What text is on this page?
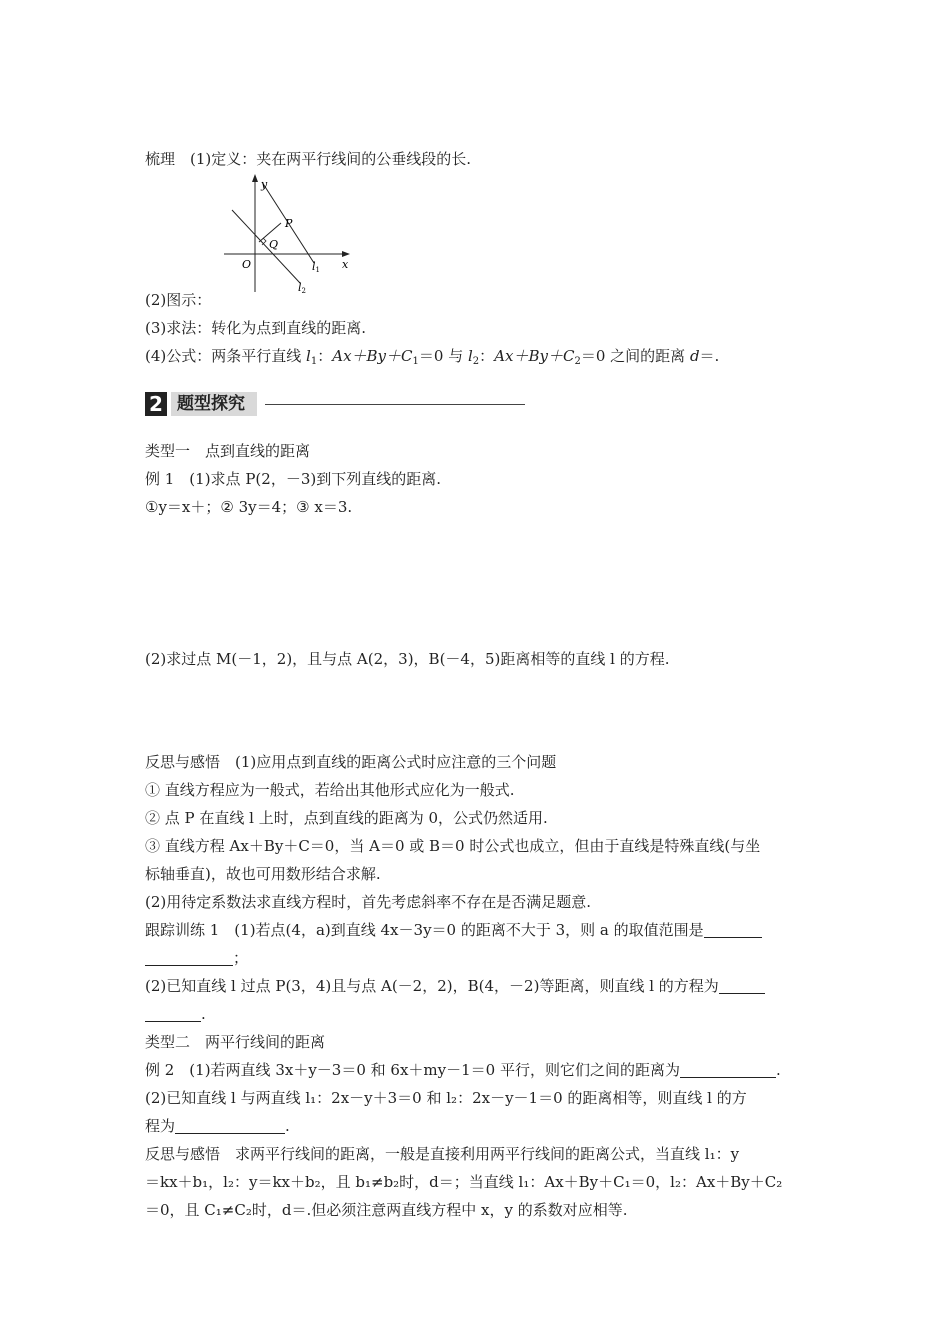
梳理　(1)定义：夹在两平行线间的公垂线段的长.
y
x
O
P
Q
l1
l2
(2)图示：
(3)求法：转化为点到直线的距离.
(4)公式：两条平行直线 $l_1$：$Ax+By+C_1=0$ 与 $l_2$：$Ax+By+C_2=0$ 之间的距离 d＝.
2 题型探究
类型一　点到直线的距离
例 1　(1)求点 P(2，－3)到下列直线的距离.
①y＝x＋；② 3y＝4；③ x＝3.
(2)求过点 M(－1，2)，且与点 A(2，3)，B(－4，5)距离相等的直线 l 的方程.
反思与感悟　(1)应用点到直线的距离公式时应注意的三个问题
① 直线方程应为一般式，若给出其他形式应化为一般式.
② 点 P 在直线 l 上时，点到直线的距离为 0，公式仍然适用.
③ 直线方程 Ax＋By＋C＝0，当 A＝0 或 B＝0 时公式也成立，但由于直线是特殊直线(与坐
标轴垂直)，故也可用数形结合求解.
(2)用待定系数法求直线方程时，首先考虑斜率不存在是否满足题意.
跟踪训练 1　(1)若点(4，a)到直线 4x－3y＝0 的距离不大于 3，则 a 的取值范围是
；
(2)已知直线 l 过点 P(3，4)且与点 A(－2，2)，B(4，－2)等距离，则直线 l 的方程为
.
类型二　两平行线间的距离
例 2　(1)若两直线 3x＋y－3＝0 和 6x＋my－1＝0 平行，则它们之间的距离为	.
(2)已知直线 l 与两直线 l₁：2x－y＋3＝0 和 l₂：2x－y－1＝0 的距离相等，则直线 l 的方
程为	.
反思与感悟　求两平行线间的距离，一般是直接利用两平行线间的距离公式，当直线 l₁：y
＝kx＋b₁，l₂：y＝kx＋b₂，且 b₁≠b₂时，d＝；当直线 l₁：Ax＋By＋C₁＝0，l₂：Ax＋By＋C₂
＝0，且 C₁≠C₂时，d＝.但必须注意两直线方程中 x，y 的系数对应相等.
